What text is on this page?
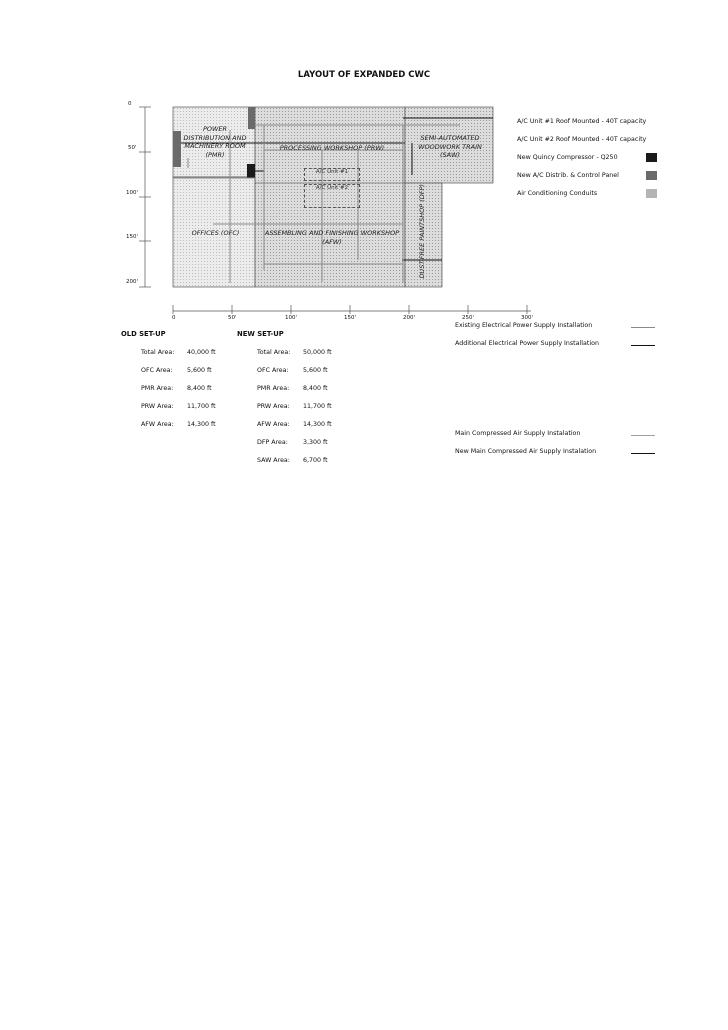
LAYOUT OF EXPANDED CWC
A/C Unit #1
A/C Unit #2
POWER
DISTRIBUTION AND
MACHINERY ROOM
(PMR)
PROCESSING WORKSHOP (PRW)
SEMI-AUTOMATED
WOODWORK TRAIN
(SAW)
OFFICES (OFC)	ASSEMBLING AND FINISHING WORKSHOP
(AFW)	DUST-FREE PAINTSHOP (DFP)
0
50'
100'
150'
200'
0	50'	100'	150'	200'	250'	300'
A/C Unit #1 Roof Mounted - 40T capacity
A/C Unit #2 Roof Mounted - 40T capacity
New Quincy Compressor - Q250
New A/C Distrib. & Control Panel
Air Conditioning Conduits
Existing Electrical Power Supply Installation
Additional Electrical Power Supply Installation
Main Compressed Air Supply Instalation
New Main Compressed Air Supply Instalation
OLD SET-UP
Total Area: 40,000 ft
OFC Area: 5,600 ft
PMR Area: 8,400 ft
PRW Area: 11,700 ft
AFW Area: 14,300 ft
NEW SET-UP
Total Area: 50,000 ft
OFC Area: 5,600 ft
PMR Area: 8,400 ft
PRW Area: 11,700 ft
AFW Area: 14,300 ft
DFP Area: 3,300 ft
SAW Area: 6,700 ft
